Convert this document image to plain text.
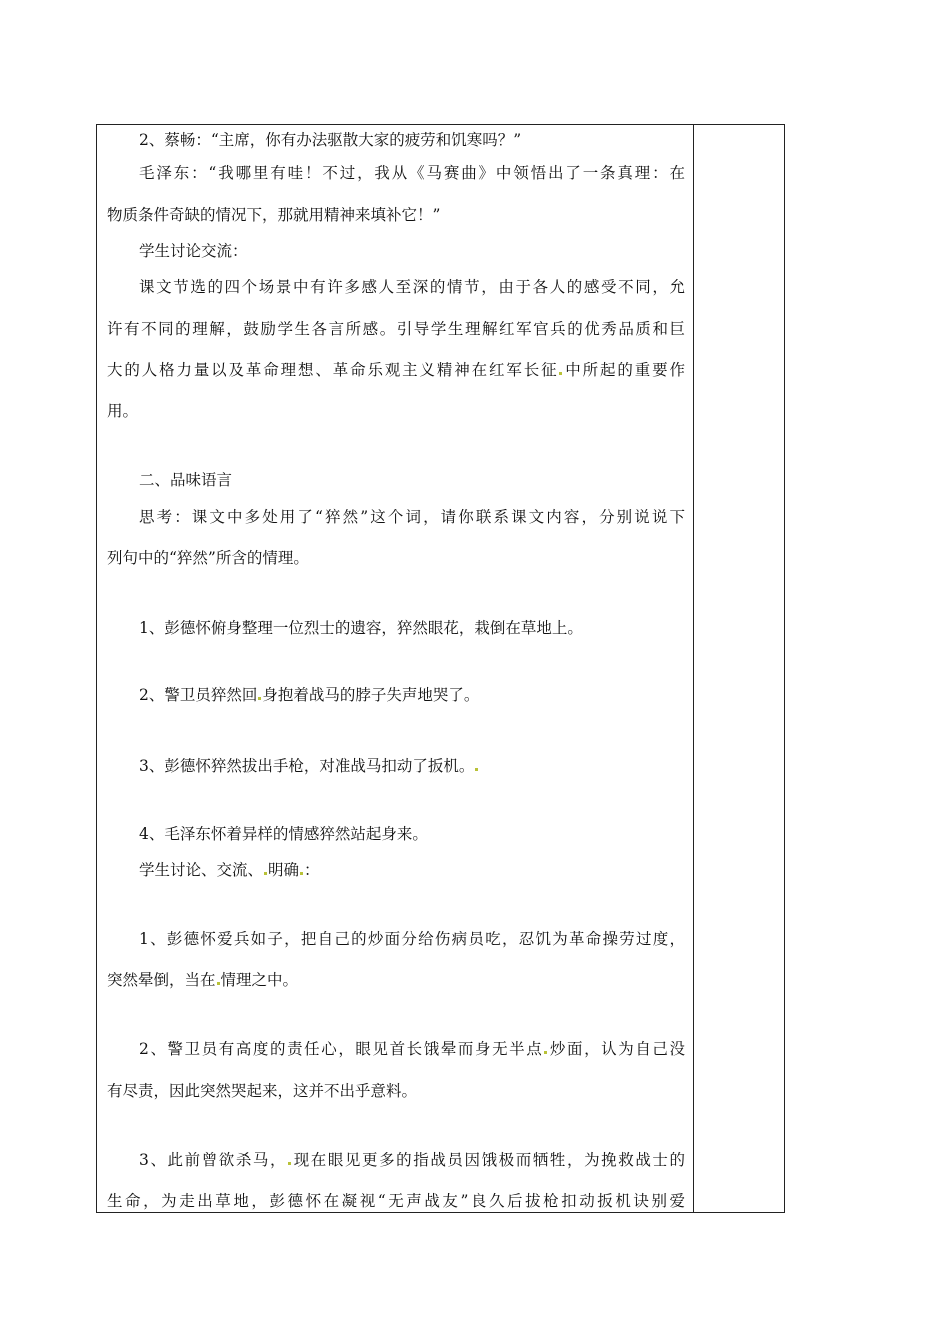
2、蔡畅：“主席，你有办法驱散大家的疲劳和饥寒吗？”
毛泽东：“我哪里有哇！不过，我从《马赛曲》中领悟出了一条真理：在
物质条件奇缺的情况下，那就用精神来填补它！”
学生讨论交流：
课文节选的四个场景中有许多感人至深的情节，由于各人的感受不同，允
许有不同的理解，鼓励学生各言所感。引导学生理解红军官兵的优秀品质和巨
大的人格力量以及革命理想、革命乐观主义精神在红军长征 中所起的重要作
用。
二、品味语言
思考：课文中多处用了“猝然”这个词，请你联系课文内容，分别说说下
列句中的“猝然”所含的情理。
1、彭德怀俯身整理一位烈士的遗容，猝然眼花，栽倒在草地上。
2、警卫员猝然回 身抱着战马的脖子失声地哭了。
3、彭德怀猝然拔出手枪，对准战马扣动了扳机。
4、毛泽东怀着异样的情感猝然站起身来。
学生讨论、交流、 明确 ：
1、彭德怀爱兵如子，把自己的炒面分给伤病员吃，忍饥为革命操劳过度，
突然晕倒，当在 情理之中。
2、警卫员有高度的责任心，眼见首长饿晕而身无半点 炒面，认为自己没
有尽责，因此突然哭起来，这并不出乎意料。
3、此前曾欲杀马， 现在眼见更多的指战员因饿极而牺牲，为挽救战士的
生命，为走出草地，彭德怀在凝视“无声战友”良久后拔枪扣动扳机诀别爱
